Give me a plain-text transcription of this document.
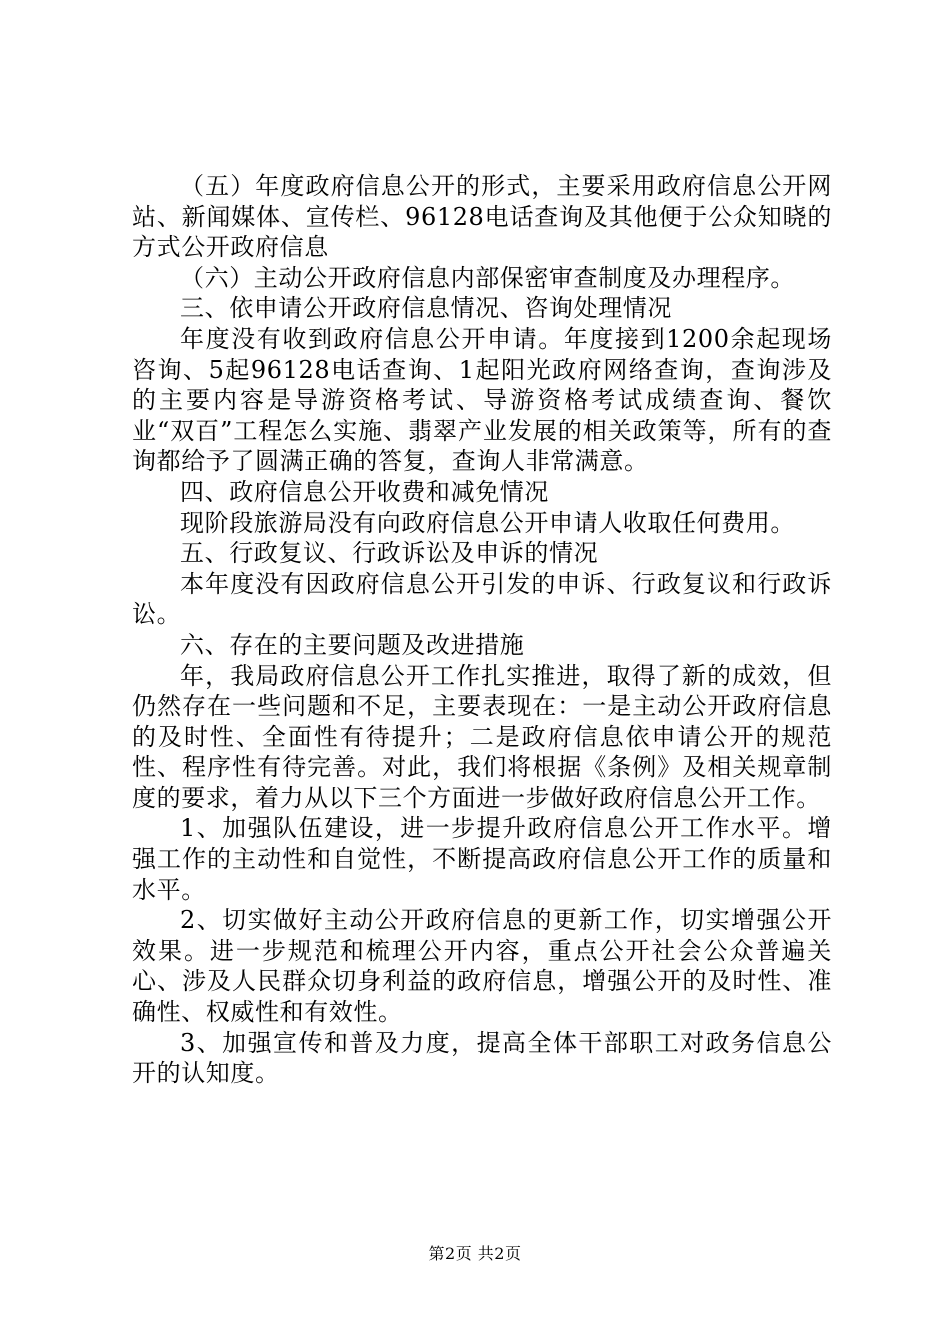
（五）年度政府信息公开的形式，主要采用政府信息公开网站、新闻媒体、宣传栏、96128电话查询及其他便于公众知晓的方式公开政府信息

（六）主动公开政府信息内部保密审查制度及办理程序。

三、依申请公开政府信息情况、咨询处理情况

年度没有收到政府信息公开申请。年度接到1200余起现场咨询、5起96128电话查询、1起阳光政府网络查询，查询涉及的主要内容是导游资格考试、导游资格考试成绩查询、餐饮业“双百”工程怎么实施、翡翠产业发展的相关政策等，所有的查询都给予了圆满正确的答复，查询人非常满意。

四、政府信息公开收费和减免情况

现阶段旅游局没有向政府信息公开申请人收取任何费用。

五、行政复议、行政诉讼及申诉的情况

本年度没有因政府信息公开引发的申诉、行政复议和行政诉讼。

六、存在的主要问题及改进措施

年，我局政府信息公开工作扎实推进，取得了新的成效，但仍然存在一些问题和不足，主要表现在：一是主动公开政府信息的及时性、全面性有待提升；二是政府信息依申请公开的规范性、程序性有待完善。对此，我们将根据《条例》及相关规章制度的要求，着力从以下三个方面进一步做好政府信息公开工作。

1、加强队伍建设，进一步提升政府信息公开工作水平。增强工作的主动性和自觉性，不断提高政府信息公开工作的质量和水平。

2、切实做好主动公开政府信息的更新工作，切实增强公开效果。进一步规范和梳理公开内容，重点公开社会公众普遍关心、涉及人民群众切身利益的政府信息，增强公开的及时性、准确性、权威性和有效性。

3、加强宣传和普及力度，提高全体干部职工对政务信息公开的认知度。

第2页 共2页
